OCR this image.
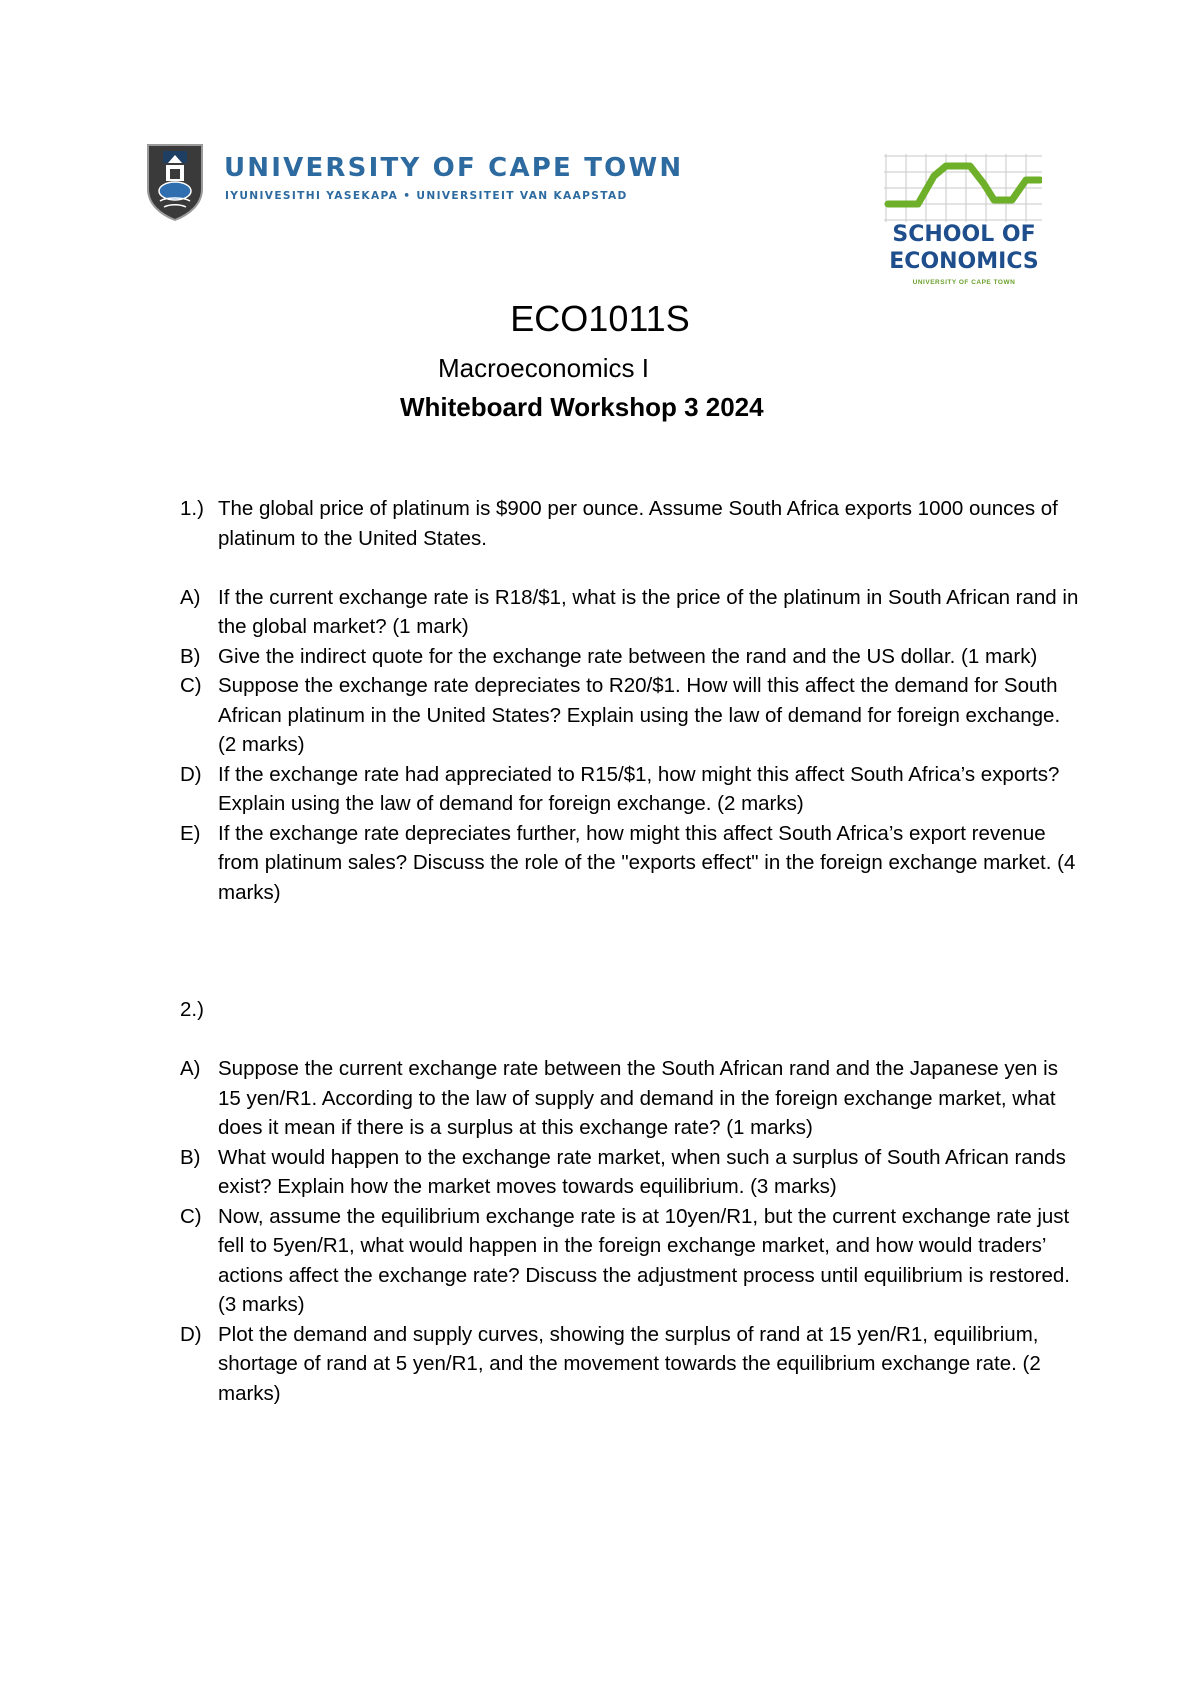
UNIVERSITY OF CAPE TOWN
IYUNIVESITHI YASEKAPA • UNIVERSITEIT VAN KAAPSTAD
SCHOOL OF
ECONOMICS
UNIVERSITY OF CAPE TOWN
ECO1011S
Macroeconomics I
Whiteboard Workshop 3 2024
1.) The global price of platinum is $900 per ounce. Assume South Africa exports 1000 ounces of platinum to the United States.
A) If the current exchange rate is R18/$1, what is the price of the platinum in South African rand in the global market? (1 mark)
B) Give the indirect quote for the exchange rate between the rand and the US dollar. (1 mark)
C) Suppose the exchange rate depreciates to R20/$1. How will this affect the demand for South African platinum in the United States? Explain using the law of demand for foreign exchange. (2 marks)
D) If the exchange rate had appreciated to R15/$1, how might this affect South Africa’s exports? Explain using the law of demand for foreign exchange. (2 marks)
E) If the exchange rate depreciates further, how might this affect South Africa’s export revenue from platinum sales? Discuss the role of the "exports effect" in the foreign exchange market. (4 marks)
2.)
A) Suppose the current exchange rate between the South African rand and the Japanese yen is 15 yen/R1. According to the law of supply and demand in the foreign exchange market, what does it mean if there is a surplus at this exchange rate? (1 marks)
B) What would happen to the exchange rate market, when such a surplus of South African rands exist? Explain how the market moves towards equilibrium. (3 marks)
C) Now, assume the equilibrium exchange rate is at 10yen/R1, but the current exchange rate just fell to 5yen/R1, what would happen in the foreign exchange market, and how would traders’ actions affect the exchange rate? Discuss the adjustment process until equilibrium is restored. (3 marks)
D) Plot the demand and supply curves, showing the surplus of rand at 15 yen/R1, equilibrium, shortage of rand at 5 yen/R1, and the movement towards the equilibrium exchange rate. (2 marks)
